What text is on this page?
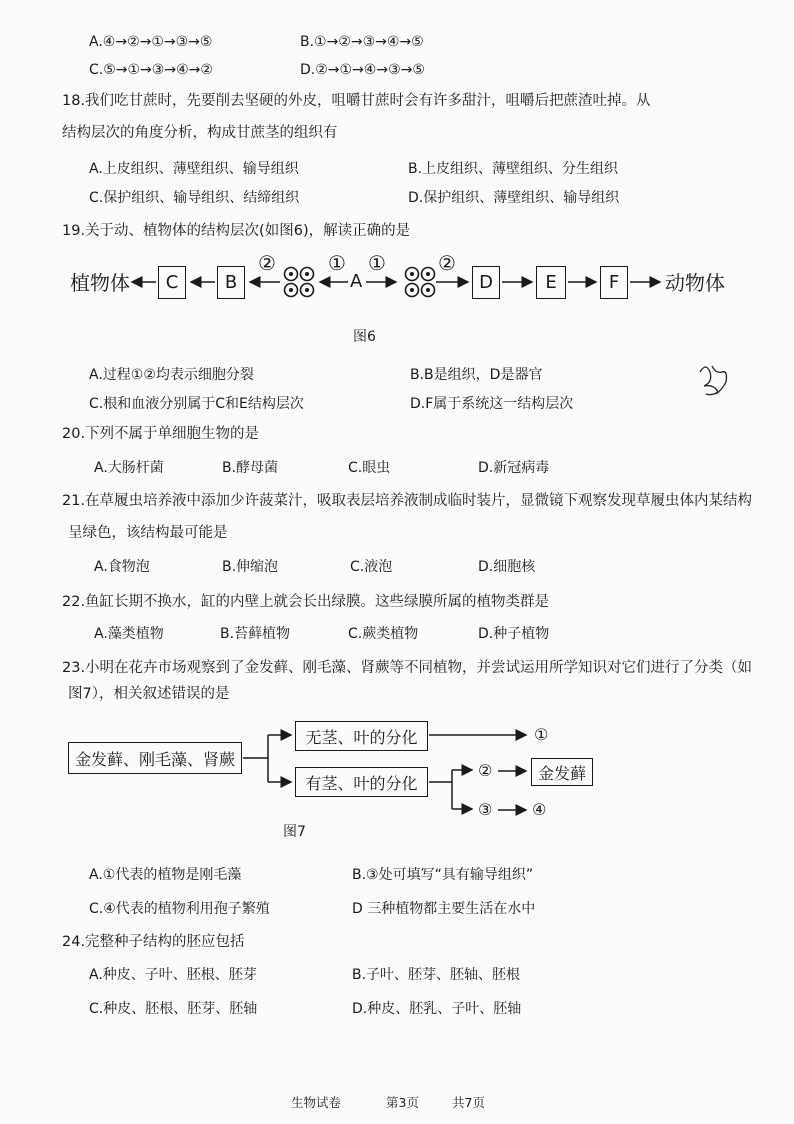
A.④→②→①→③→⑤	B.①→②→③→④→⑤
C.⑤→①→③→④→②	D.②→①→④→③→⑤
18.我们吃甘蔗时，先要削去坚硬的外皮，咀嚼甘蔗时会有许多甜汁，咀嚼后把蔗渣吐掉。从
结构层次的角度分析，构成甘蔗茎的组织有
A.上皮组织、薄壁组织、输导组织	B.上皮组织、薄壁组织、分生组织
C.保护组织、输导组织、结缔组织	D.保护组织、薄壁组织、输导组织
19.关于动、植物体的结构层次(如图6)，解读正确的是
植物体	C	B
②	①
A
①	②
D	E	F	动物体
图6
A.过程①②均表示细胞分裂	B.B是组织，D是器官
C.根和血液分别属于C和E结构层次	D.F属于系统这一结构层次
20.下列不属于单细胞生物的是
A.大肠杆菌	B.酵母菌	C.眼虫	D.新冠病毒
21.在草履虫培养液中添加少许菠菜汁，吸取表层培养液制成临时装片，显微镜下观察发现草履虫体内某结构
呈绿色，该结构最可能是
A.食物泡	B.伸缩泡	C.液泡	D.细胞核
22.鱼缸长期不换水，缸的内壁上就会长出绿膜。这些绿膜所属的植物类群是
A.藻类植物	B.苔藓植物	C.蕨类植物	D.种子植物
23.小明在花卉市场观察到了金发藓、刚毛藻、肾蕨等不同植物，并尝试运用所学知识对它们进行了分类（如
图7），相关叙述错误的是
金发藓、刚毛藻、肾蕨
无茎、叶的分化
有茎、叶的分化
①
②	金发藓
③ ④
图7
A.①代表的植物是刚毛藻	B.③处可填写“具有输导组织”
C.④代表的植物利用孢子繁殖	D 三种植物都主要生活在水中
24.完整种子结构的胚应包括
A.种皮、子叶、胚根、胚芽	B.子叶、胚芽、胚轴、胚根
C.种皮、胚根、胚芽、胚轴	D.种皮、胚乳、子叶、胚轴
生物试卷	第3页	共7页
